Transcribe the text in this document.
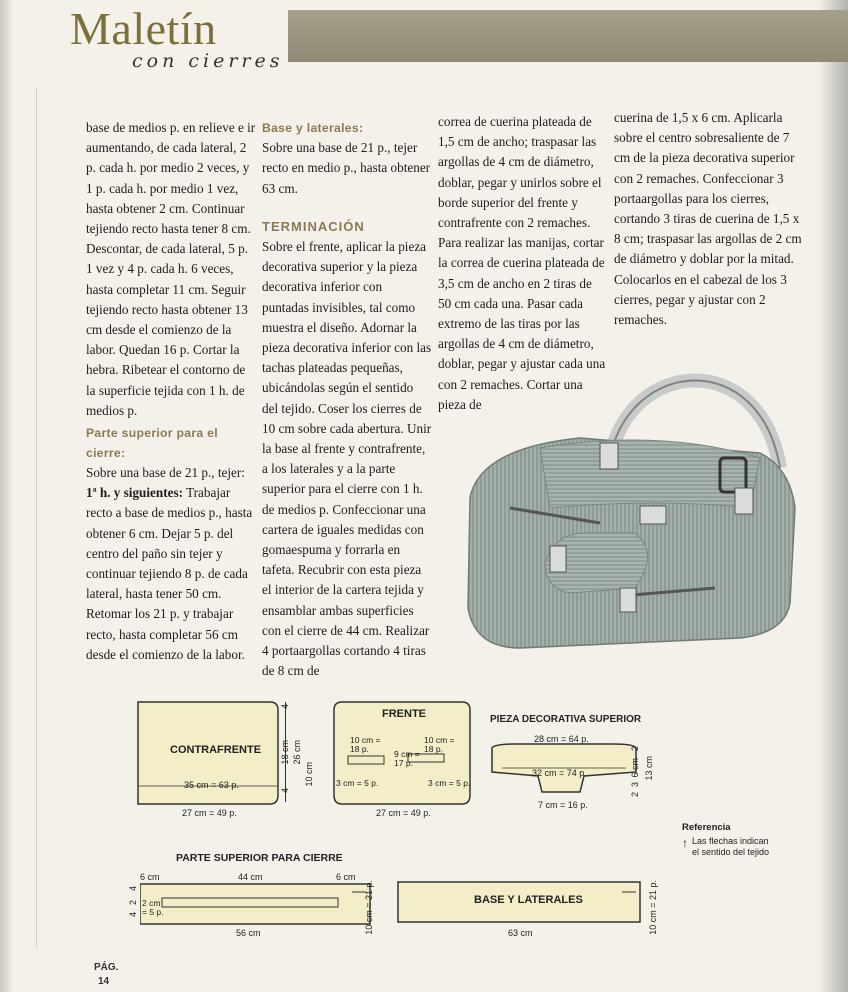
Maletín
con cierres

base de medios p. en relieve e ir aumentando, de cada lateral, 2 p. cada h. por medio 2 veces, y 1 p. cada h. por medio 1 vez, hasta obtener 2 cm. Continuar tejiendo recto hasta tener 8 cm. Descontar, de cada lateral, 5 p. 1 vez y 4 p. cada h. 6 veces, hasta completar 11 cm. Seguir tejiendo recto hasta obtener 13 cm desde el comienzo de la labor. Quedan 16 p. Cortar la hebra. Ribetear el contorno de la superficie tejida con 1 h. de medios p.

Parte superior para el cierre:

Sobre una base de 21 p., tejer:

1ª h. y siguientes: Trabajar recto a base de medios p., hasta obtener 6 cm. Dejar 5 p. del centro del paño sin tejer y continuar tejiendo 8 p. de cada lateral, hasta tener 50 cm. Retomar los 21 p. y trabajar recto, hasta completar 56 cm desde el comienzo de la labor.

Base y laterales:

Sobre una base de 21 p., tejer recto en medio p., hasta obtener 63 cm.

TERMINACIÓN

Sobre el frente, aplicar la pieza decorativa superior y la pieza decorativa inferior con puntadas invisibles, tal como muestra el diseño. Adornar la pieza decorativa inferior con las tachas plateadas pequeñas, ubicándolas según el sentido del tejido. Coser los cierres de 10 cm sobre cada abertura. Unir la base al frente y contrafrente, a los laterales y a la parte superior para el cierre con 1 h. de medios p. Confeccionar una cartera de iguales medidas con gomaespuma y forrarla en tafeta. Recubrir con esta pieza el interior de la cartera tejida y ensamblar ambas superficies con el cierre de 44 cm. Realizar 4 portaargollas cortando 4 tiras de 8 cm de

correa de cuerina plateada de 1,5 cm de ancho; traspasar las argollas de 4 cm de diámetro, doblar, pegar y unirlos sobre el borde superior del frente y contrafrente con 2 remaches. Para realizar las manijas, cortar la correa de cuerina plateada de 3,5 cm de ancho en 2 tiras de 50 cm cada una. Pasar cada extremo de las tiras por las argollas de 4 cm de diámetro, doblar, pegar y ajustar cada una con 2 remaches. Cortar una pieza de

cuerina de 1,5 x 6 cm. Aplicarla sobre el centro sobresaliente de 7 cm de la pieza decorativa superior con 2 remaches. Confeccionar 3 portaargollas para los cierres, cortando 3 tiras de cuerina de 1,5 x 8 cm; traspasar las argollas de 2 cm de diámetro y doblar por la mitad. Colocarlos en el cabezal de los 3 cierres, pegar y ajustar con 2 remaches.

CONTRAFRENTE
35 cm = 63 p.
27 cm = 49 p.
4
18 cm 26 cm
10 cm
4
FRENTE
10 cm = 18 p.
10 cm = 18 p.
9 cm = 17 p.
3 cm = 5 p.	3 cm = 5 p.
27 cm = 49 p.
PIEZA DECORATIVA SUPERIOR
28 cm = 64 p.
32 cm = 74 p.
7 cm = 16 p.
2
6 cm
3
13 cm
2
Referencia
↑ Las flechas indican
el sentido del tejido
PARTE SUPERIOR PARA CIERRE
6 cm	44 cm	6 cm
2 cm = 5 p.	10 cm = 21 p.
4
2
4
56 cm
BASE Y LATERALES	10 cm = 21 p.
63 cm
PÁG.
14
